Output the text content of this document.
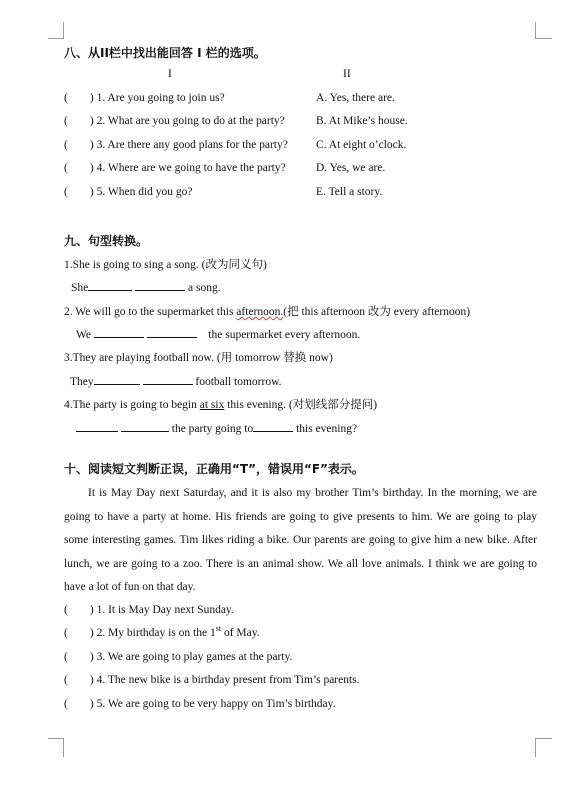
八、从II栏中找出能回答 I 栏的选项。
I	II
( ) 1. Are you going to join us?	A. Yes, there are.
( ) 2. What are you going to do at the party?	B. At Mike’s house.
( ) 3. Are there any good plans for the party? C. At eight o’clock.
( ) 4. Where are we going to have the party?	D. Yes, we are.
( ) 5. When did you go?	E. Tell a story.
九、句型转换。
1.She is going to sing a song. (改为同义句)
She	a song.
2. We will go to the supermarket this afternoon.(把 this afternoon 改为 every afternoon)
We	the supermarket every afternoon.
3.They are playing football now. (用 tomorrow 替换 now)
They	football tomorrow.
4.The party is going to begin at six this evening. (对划线部分提问)
the party going to	this evening?
十、阅读短文判断正误，正确用“T”，错误用“F”表示。
It is May Day next Saturday, and it is also my brother Tim’s birthday. In the morning, we are going to have a party at home. His friends are going to give presents to him. We are going to play some interesting games. Tim likes riding a bike. Our parents are going to give him a new bike. After lunch, we are going to a zoo. There is an animal show. We all love animals. I think we are going to have a lot of fun on that day.
( ) 1. It is May Day next Sunday.
( ) 2. My birthday is on the 1st of May.
( ) 3. We are going to play games at the party.
( ) 4. The new bike is a birthday present from Tim’s parents.
( ) 5. We are going to be very happy on Tim’s birthday.
